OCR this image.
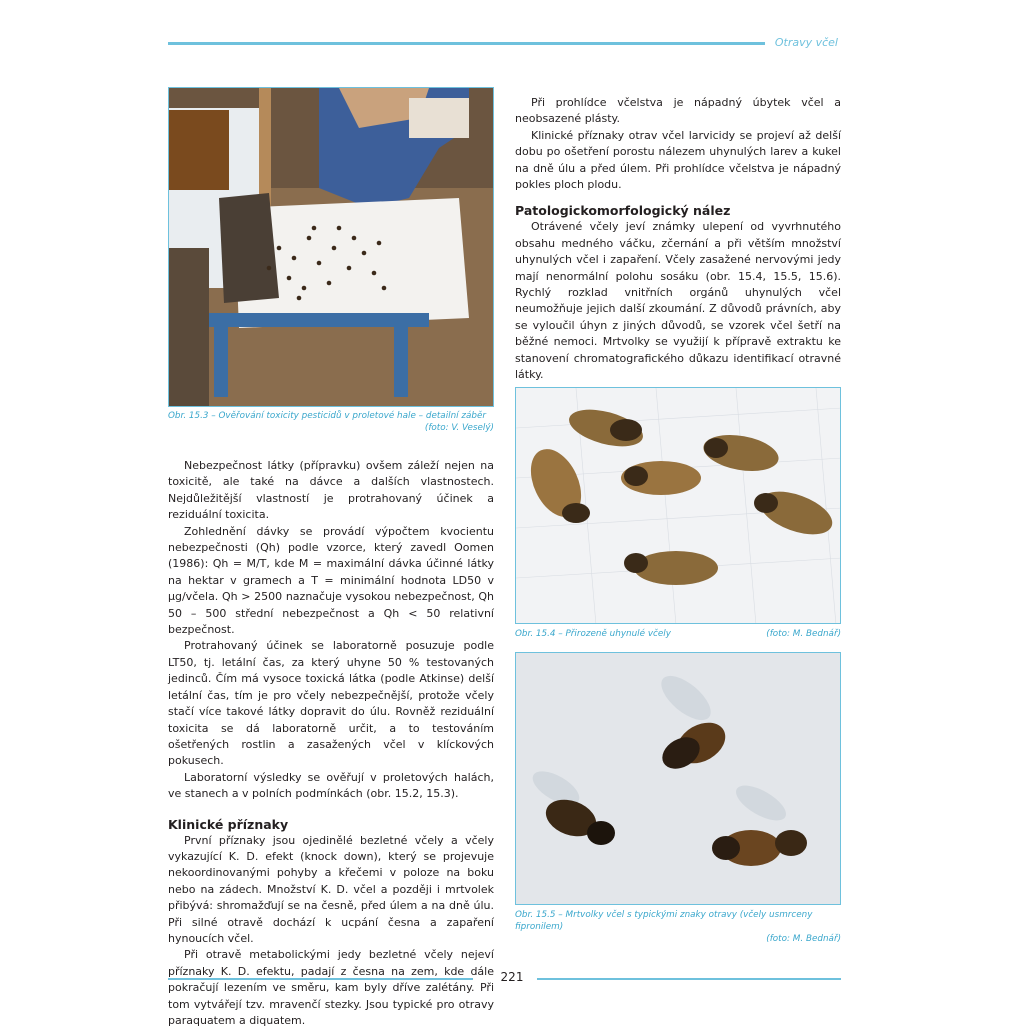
Otravy včel
Obr. 15.3 – Ověřování toxicity pesticidů v proletové hale – detailní záběr
(foto: V. Veselý)

Nebezpečnost látky (přípravku) ovšem záleží nejen na toxicitě, ale také na dávce a dalších vlastnostech. Nejdůležitější vlastností je protrahovaný účinek a reziduální toxicita.

Zohlednění dávky se provádí výpočtem kvocientu nebezpečnosti (Qh) podle vzorce, který zavedl Oomen (1986): Qh = M/T, kde M = maximální dávka účinné látky na hektar v gramech a T = minimální hodnota LD50 v µg/včela. Qh > 2500 naznačuje vysokou nebezpečnost, Qh 50 – 500 střední nebezpečnost a Qh < 50 relativní bezpečnost.

Protrahovaný účinek se laboratorně posuzuje podle LT50, tj. letální čas, za který uhyne 50 % testovaných jedinců. Čím má vysoce toxická látka (podle Atkinse) delší letální čas, tím je pro včely nebezpečnější, protože včely stačí více takové látky dopravit do úlu. Rovněž reziduální toxicita se dá laboratorně určit, a to testováním ošetřených rostlin a zasažených včel v klíckových pokusech.

Laboratorní výsledky se ověřují v proletových halách, ve stanech a v polních podmínkách (obr. 15.2, 15.3).

Klinické příznaky

První příznaky jsou ojedinělé bezletné včely a včely vykazující K. D. efekt (knock down), který se projevuje nekoordinovanými pohyby a křečemi v poloze na boku nebo na zádech. Množství K. D. včel a později i mrtvolek přibývá: shromažďují se na česně, před úlem a na dně úlu. Při silné otravě dochází k ucpání česna a zapaření hynoucích včel.

Při otravě metabolickými jedy bezletné včely nejeví příznaky K. D. efektu, padají z česna na zem, kde dále pokračují lezením ve směru, kam byly dříve zalétány. Při tom vytvářejí tzv. mravenčí stezky. Jsou typické pro otravy paraquatem a diquatem.

Při prohlídce včelstva je nápadný úbytek včel a neobsazené plásty.

Klinické příznaky otrav včel larvicidy se projeví až delší dobu po ošetření porostu nálezem uhynulých larev a kukel na dně úlu a před úlem. Při prohlídce včelstva je nápadný pokles ploch plodu.

Patologickomorfologický nález

Otrávené včely jeví známky ulepení od vyvrhnutého obsahu medného váčku, zčernání a při větším množství uhynulých včel i zapaření. Včely zasažené nervovými jedy mají nenormální polohu sosáku (obr. 15.4, 15.5, 15.6). Rychlý rozklad vnitřních orgánů uhynulých včel neumožňuje jejich další zkoumání. Z důvodů právních, aby se vyloučil úhyn z jiných důvodů, se vzorek včel šetří na běžné nemoci. Mrtvolky se využijí k přípravě extraktu ke stanovení chromatografického důkazu identifikací otravné látky.

(foto: M. Bednář)
Obr. 15.4 – Přirozeně uhynulé včely
Obr. 15.5 – Mrtvolky včel s typickými znaky otravy (včely usmrceny fipronilem)
(foto: M. Bednář)
221
